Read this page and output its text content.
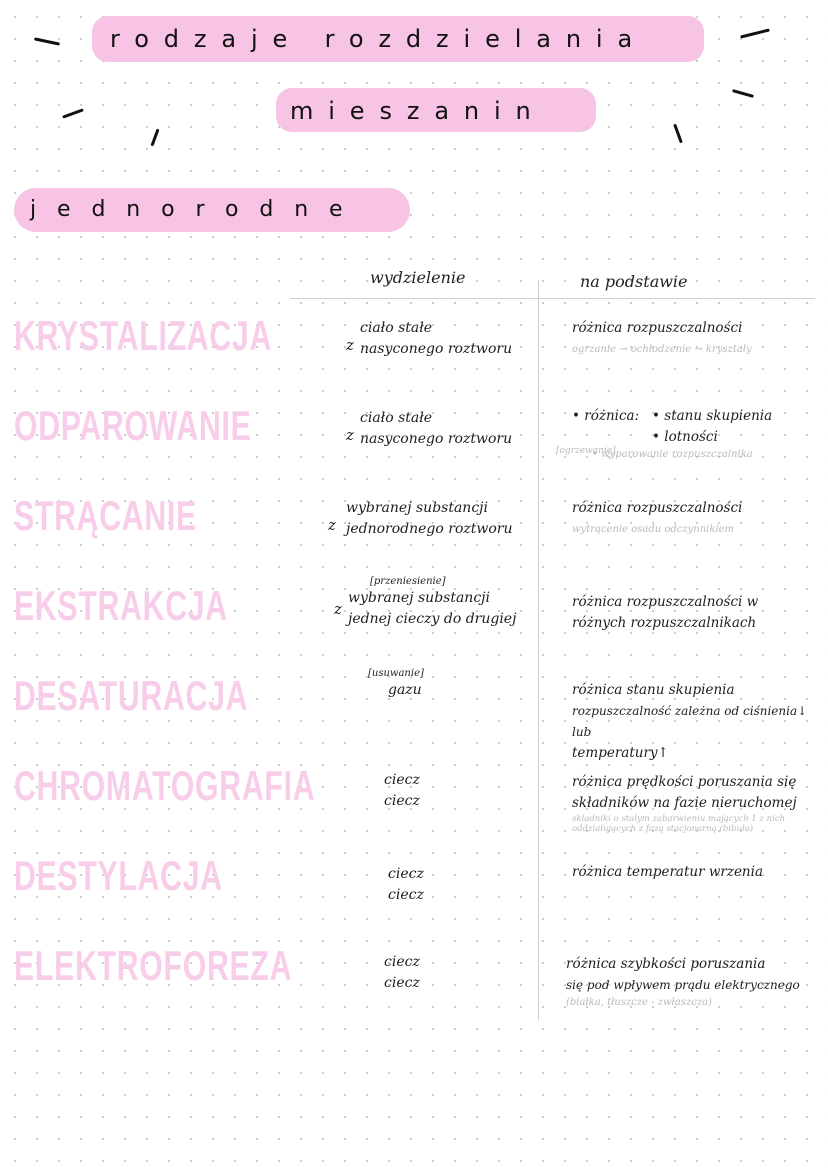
rodzaje rozdzielania
mieszanin
jednorodne
wydzielenie	na podstawie
KRYSTALIZACJA	z
ciało stałe
nasyconego roztworu
różnica rozpuszczalności
ogrzanie → ochłodzenie → kryształy
ODPAROWANIE	z
ciało stałe
nasyconego roztworu
• różnica:
•	stanu skupienia
• lotności
• wyparowanie rozpuszczalnika
[ogrzewanie]
STRĄCANIE	z
wybranej substancji
jednorodnego roztworu
różnica rozpuszczalności
wytrącenie osadu odczynnikiem
EKSTRAKCJA	z
[przeniesienie]
wybranej substancji
jednej cieczy do drugiej
różnica rozpuszczalności w
różnych rozpuszczalnikach
DESATURACJA	[usuwanie]
gazu	różnica stanu skupienia
rozpuszczalność zależna od ciśnienia↓ lub
temperatury↑
CHROMATOGRAFIA	ciecz
ciecz
różnica prędkości poruszania się
składników na fazie nieruchomej
składniki o stałym zabarwieniu mających 1 z nich oddziałujących z fazą stacjonarną (bibuła)
DESTYLACJA	ciecz
ciecz
różnica temperatur wrzenia
ELEKTROFOREZA	ciecz
ciecz
różnica szybkości poruszania
się pod wpływem prądu elektrycznego
(białka, tłuszcze - zwłaszcza)
